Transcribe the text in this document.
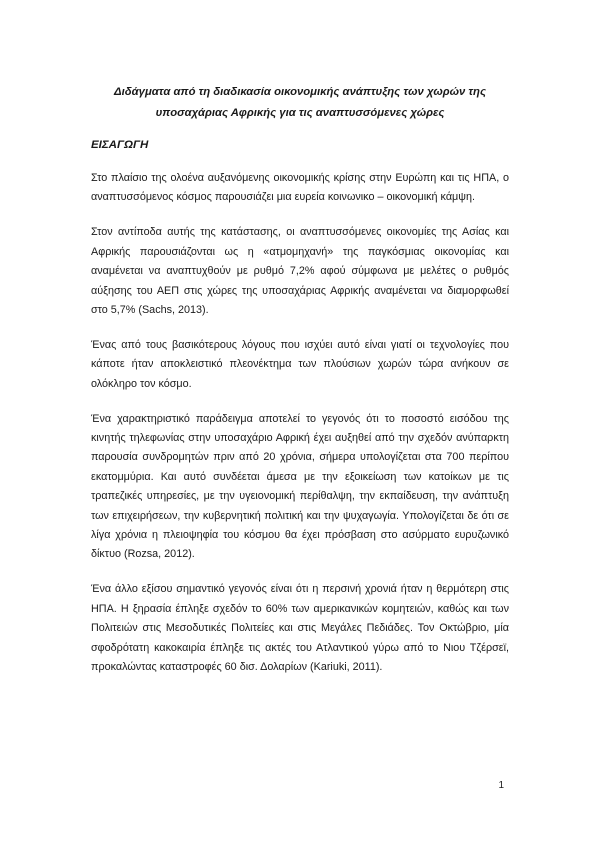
Διδάγματα από τη διαδικασία οικονομικής ανάπτυξης των χωρών της υποσαχάριας Αφρικής για τις αναπτυσσόμενες χώρες
ΕΙΣΑΓΩΓΗ

Στο πλαίσιο της ολοένα αυξανόμενης οικονομικής κρίσης στην Ευρώπη και τις ΗΠΑ, ο αναπτυσσόμενος κόσμος παρουσιάζει μια ευρεία κοινωνικο – οικονομική κάμψη.

Στον αντίποδα αυτής της κατάστασης, οι αναπτυσσόμενες οικονομίες της Ασίας και Αφρικής παρουσιάζονται ως η «ατμομηχανή» της παγκόσμιας οικονομίας και αναμένεται να αναπτυχθούν με ρυθμό 7,2% αφού σύμφωνα με μελέτες ο ρυθμός αύξησης του ΑΕΠ στις χώρες της υποσαχάριας Αφρικής αναμένεται να διαμορφωθεί στο 5,7% (Sachs, 2013).

Ένας από τους βασικότερους λόγους που ισχύει αυτό είναι γιατί οι τεχνολογίες που κάποτε ήταν αποκλειστικό πλεονέκτημα των πλούσιων χωρών τώρα ανήκουν σε ολόκληρο τον κόσμο.

Ένα χαρακτηριστικό παράδειγμα αποτελεί το γεγονός ότι το ποσοστό εισόδου της κινητής τηλεφωνίας στην υποσαχάριο Αφρική έχει αυξηθεί από την σχεδόν ανύπαρκτη παρουσία συνδρομητών πριν από 20 χρόνια, σήμερα υπολογίζεται στα 700 περίπου εκατομμύρια. Και αυτό συνδέεται άμεσα με την εξοικείωση των κατοίκων με τις τραπεζικές υπηρεσίες, με την υγειονομική περίθαλψη, την εκπαίδευση, την ανάπτυξη των επιχειρήσεων, την κυβερνητική πολιτική και την ψυχαγωγία. Υπολογίζεται δε ότι σε λίγα χρόνια η πλειοψηφία του κόσμου θα έχει πρόσβαση στο ασύρματο ευρυζωνικό δίκτυο (Rozsa, 2012).

Ένα άλλο εξίσου σημαντικό γεγονός είναι ότι η περσινή χρονιά ήταν η θερμότερη στις ΗΠΑ. Η ξηρασία έπληξε σχεδόν το 60% των αμερικανικών κομητειών, καθώς και των Πολιτειών στις Μεσοδυτικές Πολιτείες και στις Μεγάλες Πεδιάδες. Τον Οκτώβριο, μία σφοδρότατη κακοκαιρία έπληξε τις ακτές του Ατλαντικού γύρω από το Νιου Τζέρσεϊ, προκαλώντας καταστροφές 60 δισ. Δολαρίων (Kariuki, 2011).

1
